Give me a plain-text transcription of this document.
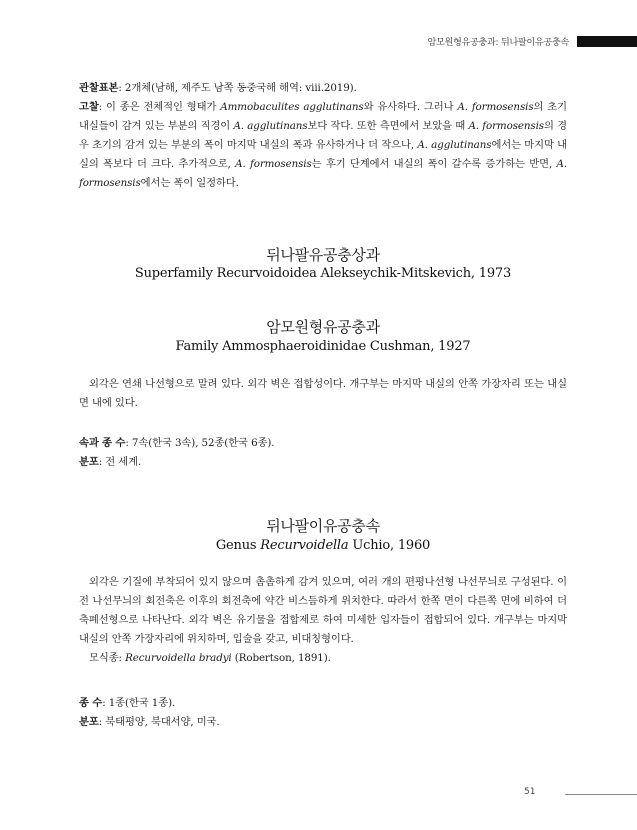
암모원형유공충과: 뒤나팔이유공충속

관찰표본: 2개체(남해, 제주도 남쪽 동중국해 해역: viii.2019).

고찰: 이 종은 전체적인 형태가 Ammobaculites agglutinans와 유사하다. 그러나 A. formosensis의 초기 내실들이 감겨 있는 부분의 직경이 A. agglutinans보다 작다. 또한 측면에서 보았을 때 A. formosensis의 경우 초기의 감겨 있는 부분의 폭이 마지막 내실의 폭과 유사하거나 더 작으나, A. agglutinans에서는 마지막 내실의 폭보다 더 크다. 추가적으로, A. formosensis는 후기 단계에서 내실의 폭이 갈수록 증가하는 반면, A. formosensis에서는 폭이 일정하다.

뒤나팔유공충상과
Superfamily Recurvoidoidea Alekseychik-Mitskevich, 1973
암모원형유공충과
Family Ammosphaeroidinidae Cushman, 1927

외각은 연쇄 나선형으로 말려 있다. 외각 벽은 접합성이다. 개구부는 마지막 내실의 안쪽 가장자리 또는 내실면 내에 있다.

속과 종 수: 7속(한국 3속), 52종(한국 6종).

분포: 전 세계.

뒤나팔이유공충속
Genus Recurvoidella Uchio, 1960

외각은 기질에 부착되어 있지 않으며 촘촘하게 감겨 있으며, 여러 개의 편평나선형 나선무늬로 구성된다. 이전 나선무늬의 회전축은 이후의 회전축에 약간 비스듬하게 위치한다. 따라서 한쪽 면이 다른쪽 면에 비하여 더 축폐선형으로 나타난다. 외각 벽은 유기물을 접합제로 하여 미세한 입자들이 접합되어 있다. 개구부는 마지막 내실의 안쪽 가장자리에 위치하며, 입술을 갖고, 비대칭형이다.

모식종: Recurvoidella bradyi (Robertson, 1891).

종 수: 1종(한국 1종).

분포: 북태평양, 북대서양, 미국.

51
